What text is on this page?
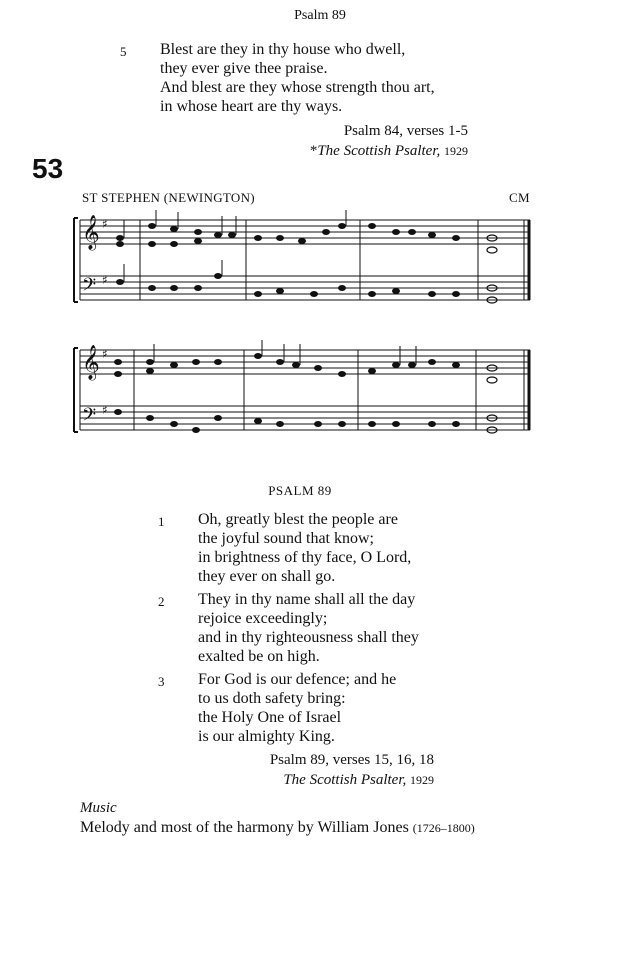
Psalm 89
5 Blest are they in thy house who dwell,
they ever give thee praise.
And blest are they whose strength thou art,
in whose heart are thy ways.
Psalm 84, verses 1-5
*The Scottish Psalter, 1929
53
ST STEPHEN (NEWINGTON)	CM
𝄞
𝄢
♯
♯
𝄞
𝄢
♯
♯
PSALM 89
1 Oh, greatly blest the people are
the joyful sound that know;
in brightness of thy face, O Lord,
they ever on shall go.
2 They in thy name shall all the day
rejoice exceedingly;
and in thy righteousness shall they
exalted be on high.
3 For God is our defence; and he
to us doth safety bring:
the Holy One of Israel
is our almighty King.
Psalm 89, verses 15, 16, 18
The Scottish Psalter, 1929
Music
Melody and most of the harmony by William Jones (1726–1800)
